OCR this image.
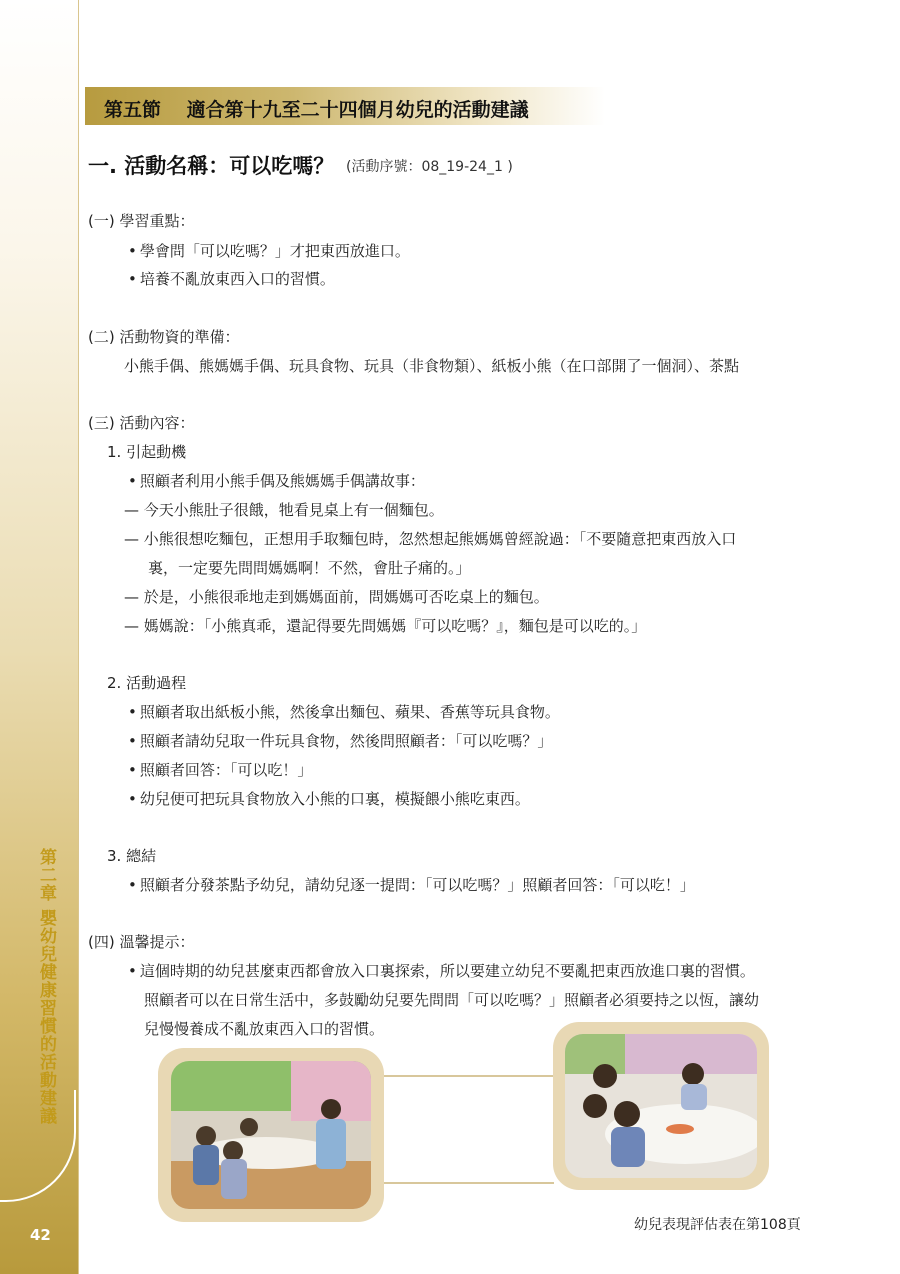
第二章 嬰幼兒健康習慣的活動建議
42
第五節　 適合第十九至二十四個月幼兒的活動建議
一. 活動名稱：可以吃嗎？ (活動序號：08_19-24_1 )
(一) 學習重點：
• 學會問「可以吃嗎？」才把東西放進口。
• 培養不亂放東西入口的習慣。
(二) 活動物資的準備：
小熊手偶、熊媽媽手偶、玩具食物、玩具（非食物類）、紙板小熊（在口部開了一個洞）、茶點
(三) 活動內容：
1. 引起動機
• 照顧者利用小熊手偶及熊媽媽手偶講故事：
— 今天小熊肚子很餓，牠看見桌上有一個麵包。
— 小熊很想吃麵包，正想用手取麵包時，忽然想起熊媽媽曾經說過：「不要隨意把東西放入口
裏，一定要先問問媽媽啊！不然，會肚子痛的。」
— 於是，小熊很乖地走到媽媽面前，問媽媽可否吃桌上的麵包。
— 媽媽說：「小熊真乖，還記得要先問媽媽『可以吃嗎？』，麵包是可以吃的。」
2. 活動過程
• 照顧者取出紙板小熊，然後拿出麵包、蘋果、香蕉等玩具食物。
• 照顧者請幼兒取一件玩具食物，然後問照顧者：「可以吃嗎？」
• 照顧者回答：「可以吃！」
• 幼兒便可把玩具食物放入小熊的口裏，模擬餵小熊吃東西。
3. 總結
• 照顧者分發茶點予幼兒，請幼兒逐一提問：「可以吃嗎？」照顧者回答：「可以吃！」
(四) 溫馨提示：
• 這個時期的幼兒甚麼東西都會放入口裏探索，所以要建立幼兒不要亂把東西放進口裏的習慣。
照顧者可以在日常生活中，多鼓勵幼兒要先問問「可以吃嗎？」照顧者必須要持之以恆，讓幼
兒慢慢養成不亂放東西入口的習慣。
幼兒表現評估表在第108頁
